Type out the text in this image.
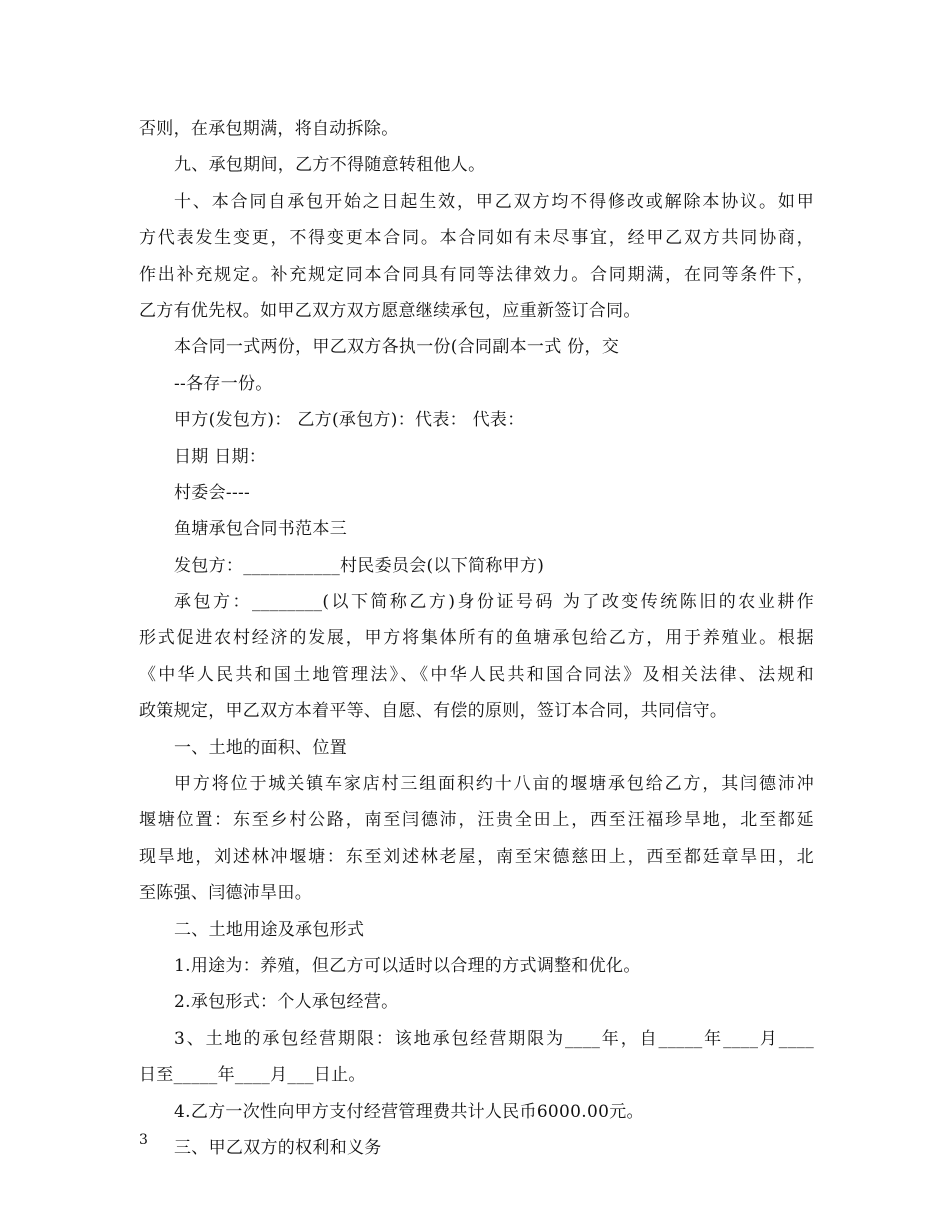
否则，在承包期满，将自动拆除。
九、承包期间，乙方不得随意转租他人。
十、本合同自承包开始之日起生效，甲乙双方均不得修改或解除本协议。如甲
方代表发生变更，不得变更本合同。本合同如有未尽事宜，经甲乙双方共同协商，
作出补充规定。补充规定同本合同具有同等法律效力。合同期满，在同等条件下，
乙方有优先权。如甲乙双方双方愿意继续承包，应重新签订合同。
本合同一式两份，甲乙双方各执一份(合同副本一式 份，交
--各存一份。
甲方(发包方)： 乙方(承包方)：代表： 代表：
日期 日期：
村委会----
鱼塘承包合同书范本三
发包方：___________村民委员会(以下简称甲方)
承包方：________(以下简称乙方)身份证号码 为了改变传统陈旧的农业耕作
形式促进农村经济的发展，甲方将集体所有的鱼塘承包给乙方，用于养殖业。根据
《中华人民共和国土地管理法》、《中华人民共和国合同法》及相关法律、法规和
政策规定，甲乙双方本着平等、自愿、有偿的原则，签订本合同，共同信守。
一、土地的面积、位置
甲方将位于城关镇车家店村三组面积约十八亩的堰塘承包给乙方，其闫德沛冲
堰塘位置：东至乡村公路，南至闫德沛，汪贵全田上，西至汪福珍旱地，北至都延
现旱地，刘述林冲堰塘：东至刘述林老屋，南至宋德慈田上，西至都廷章旱田，北
至陈强、闫德沛旱田。
二、土地用途及承包形式
1.用途为：养殖，但乙方可以适时以合理的方式调整和优化。
2.承包形式：个人承包经营。
3、土地的承包经营期限：该地承包经营期限为____年，自_____年____月____
日至_____年____月___日止。
4.乙方一次性向甲方支付经营管理费共计人民币6000.00元。
三、甲乙双方的权利和义务
3
